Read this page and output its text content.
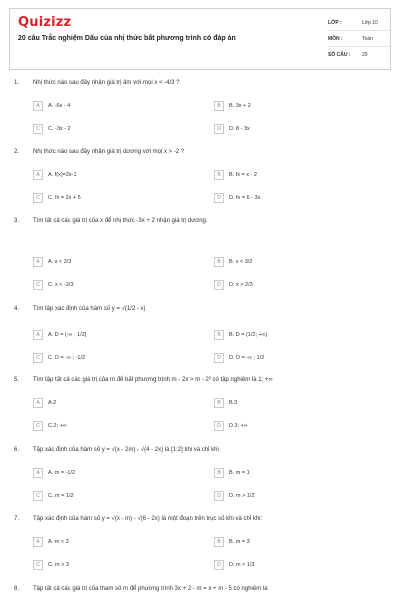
Quizizz
20 câu Trắc nghiệm Dấu của nhị thức bất phương trình có đáp án
LỚP :	Lớp 10
MÔN :	Toán
SỐ CÂU : 20
1. Nhị thức nào sau đây nhận giá trị âm với mọi x < -4/3 ?
A	A. -6x - 4	B	B. 3x + 2
C	C. -3x - 2	D	D. 8 - 3x
2. Nhị thức nào sau đây nhận giá trị dương với mọi x > -2 ?
A	A. f(x)=2x-1	B	B. fx = x - 2
C	C. fx = 2x + 5	D	D. fx = 6 - 3x
3. Tìm tất cả các giá trị của x để nhị thức -3x + 2 nhận giá trị dương.
A	A. x < 2/3	B	B. x < 3/2
C	C. x < -2/3	D	D. x > 2/3
4. Tìm tập xác định của hàm số y = √(1/2 - x)
A	A. D = (-∞ ; 1/2]	B	B. D = (1/2; +∞)
C	C. D = -∞ ; -1/2	D	D. D = -∞ ; 1/2
5. Tìm tập tất cả các giá trị của m để bất phương trình m - 2x > m - 2² có tập nghiệm là 1; +∞
A	A.2	B	B.3
C	C.2; +∞	D	D.3; +∞
6. Tập xác định của hàm số y = √(x - 2m) - √(4 - 2x) là [1;2] khi và chỉ khi
A	A. m = -1/2	B	B. m = 1
C	C. m = 1/2	D	D. m > 1/2
7. Tập xác định của hàm số y = √(x - m) - √(6 - 2x) là một đoạn trên trục số khi và chỉ khi:
A	A. m < 3	B	B. m = 3
C	C. m > 3	D	D. m < 1/3
8. Tập tất cả các giá trị của tham số m để phương trình 3x + 2 - m = x + m - 5 có nghiệm là
